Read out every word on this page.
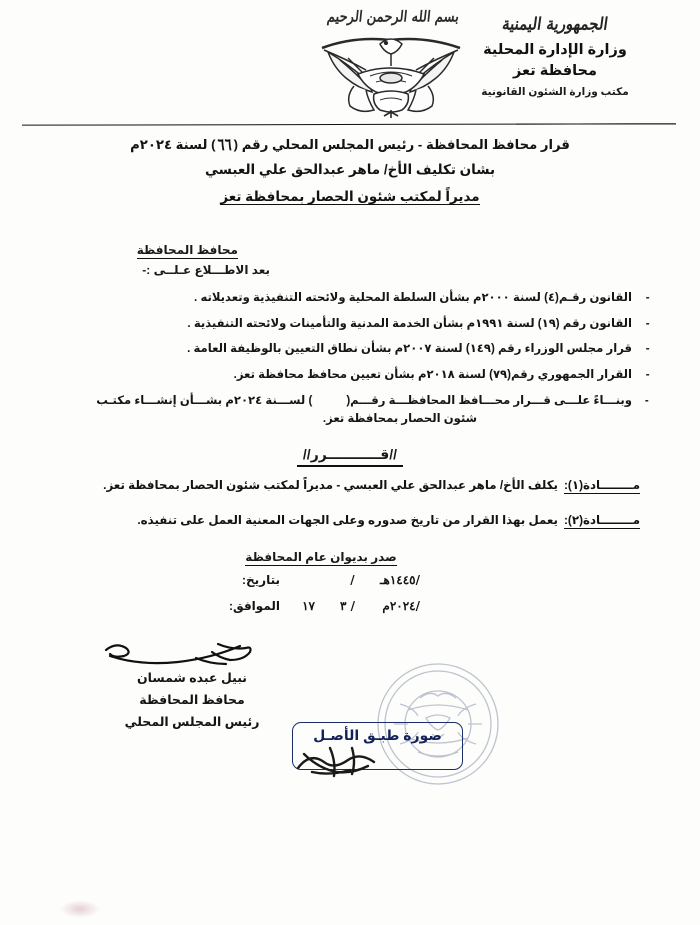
بسم الله الرحمن الرحيم	الجمهورية اليمنية
وزارة الإدارة المحلية
محافظة تعز
مكتب وزارة الشئون القانونية
قرار محافظ المحافظة - رئيس المجلس المحلي رقم (٦٦) لسنة ٢٠٢٤م
بشان تكليف الأخ/ ماهر عبدالحق علي العبسي
مديراً لمكتب شئون الحصار بمحافظة تعز
محافظ المحافظة
بعد الاطـــلاع عـلــى :-
-
القانون رقـم(٤) لسنة ٢٠٠٠م بشأن السلطة المحلية ولائحته التنفيذية وتعديلاته .
-
القانون رقم (١٩) لسنة ١٩٩١م بشأن الخدمة المدنية والتأمينات ولائحته التنفيذية .
-
قرار مجلس الوزراء رقم (١٤٩) لسنة ٢٠٠٧م بشأن نطاق التعيين بالوظيفة العامة .
-
القرار الجمهوري رقم(٧٩) لسنة ٢٠١٨م بشأن تعيين محافظ محافظة تعز.
-
وبنـــاءً علـــى قـــرار محـــافظ المحافظـــة رقـــم() لســـنة ٢٠٢٤م بشـــأن إنشـــاء مكتـب
شئون الحصار بمحافظة تعز.
//قـــــــــــرر//
مــــــــادة(١):يكلف الأخ/ ماهر عبدالحق علي العبسي - مديراً لمكتب شئون الحصار بمحافظة تعز.
مــــــــادة(٢):يعمل بهذا القرار من تاريخ صدوره وعلى الجهات المعنية العمل على تنفيذه.
صدر بديوان عام المحافظة
بتاريخ:	/ /١٤٤٥هـ
الموافق: ١٧ / ٣ /٢٠٢٤م
صورة طبـق الأصـل
نبيل عبده شمسان
محافظ المحافظة
رئيس المجلس المحلي
